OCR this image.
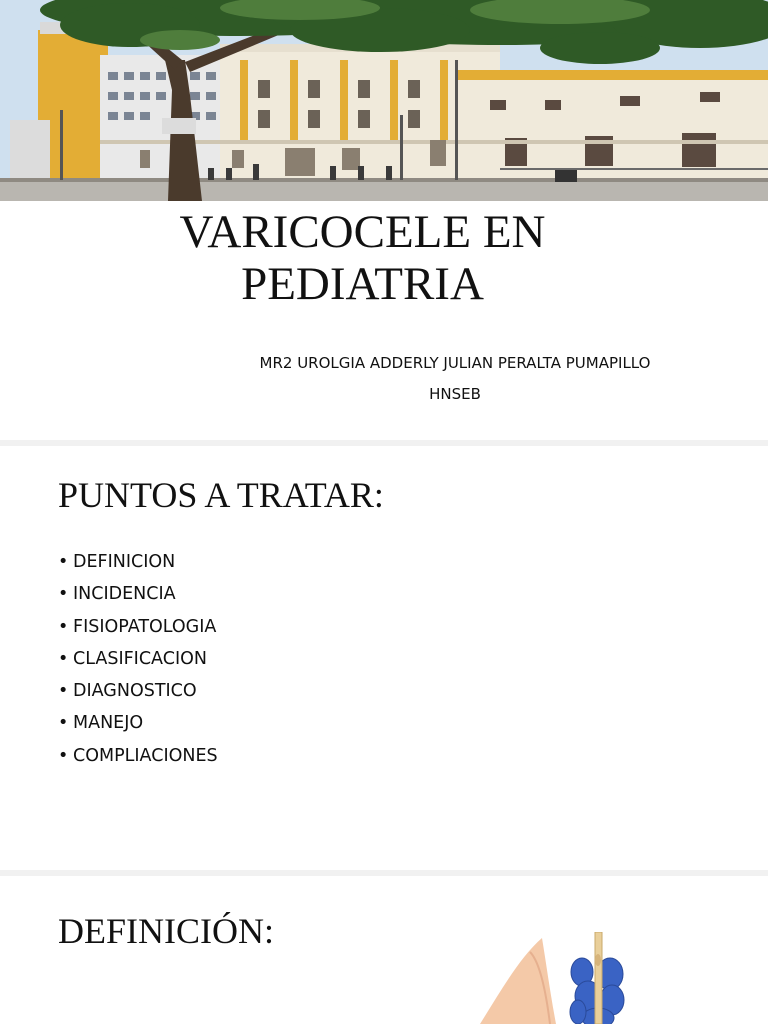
VARICOCELE EN
PEDIATRIA
MR2 UROLGIA ADDERLY JULIAN PERALTA PUMAPILLO
HNSEB
PUNTOS A TRATAR:
• DEFINICION
• INCIDENCIA
• FISIOPATOLOGIA
• CLASIFICACION
• DIAGNOSTICO
• MANEJO
• COMPLIACIONES
DEFINICIÓN:
